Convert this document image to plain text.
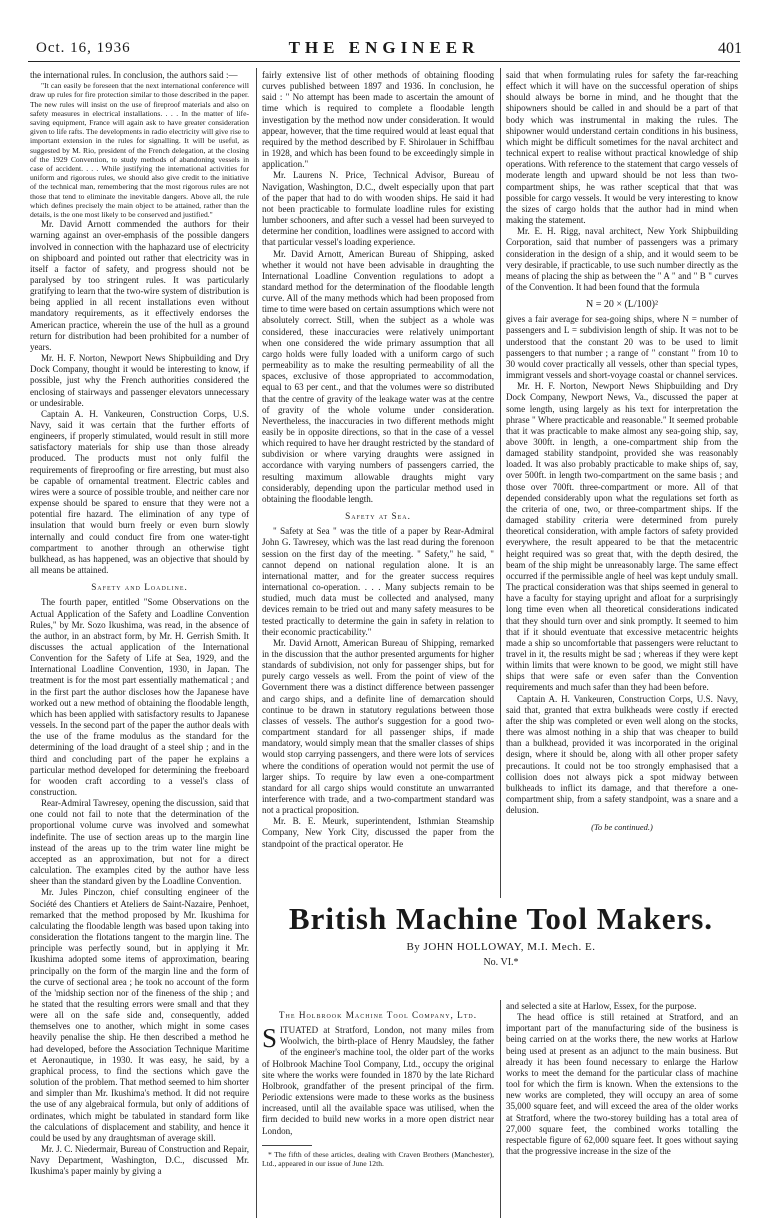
Oct. 16, 1936	THE ENGINEER	401

the international rules. In conclusion, the authors said :—

"It can easily be foreseen that the next international conference will draw up rules for fire protection similar to those described in the paper. The new rules will insist on the use of fireproof materials and also on safety measures in electrical installations. . . . In the matter of life-saving equipment, France will again ask to have greater consideration given to life rafts. The developments in radio electricity will give rise to important extension in the rules for signalling. It will be useful, as suggested by M. Rio, president of the French delegation, at the closing of the 1929 Convention, to study methods of abandoning vessels in case of accident. . . . While justifying the international activities for uniform and rigorous rules, we should also give credit to the initiative of the technical man, remembering that the most rigorous rules are not those that tend to eliminate the inevitable dangers. Above all, the rule which defines precisely the main object to be attained, rather than the details, is the one most likely to be conserved and justified."

Mr. David Arnott commended the authors for their warning against an over-emphasis of the possible dangers involved in connection with the haphazard use of electricity on shipboard and pointed out rather that electricity was in itself a factor of safety, and progress should not be paralysed by too stringent rules. It was particularly gratifying to learn that the two-wire system of distribution is being applied in all recent installations even without mandatory requirements, as it effectively endorses the American practice, wherein the use of the hull as a ground return for distribution had been prohibited for a number of years.

Mr. H. F. Norton, Newport News Shipbuilding and Dry Dock Company, thought it would be interesting to know, if possible, just why the French authorities considered the enclosing of stairways and passenger elevators unnecessary or undesirable.

Captain A. H. Vankeuren, Construction Corps, U.S. Navy, said it was certain that the further efforts of engineers, if properly stimulated, would result in still more satisfactory materials for ship use than those already produced. The products must not only fulfil the requirements of fireproofing or fire arresting, but must also be capable of ornamental treatment. Electric cables and wires were a source of possible trouble, and neither care nor expense should be spared to ensure that they were not a potential fire hazard. The elimination of any type of insulation that would burn freely or even burn slowly internally and could conduct fire from one water-tight compartment to another through an otherwise tight bulkhead, as has happened, was an objective that should by all means be attained.

Safety and Loadline.

The fourth paper, entitled "Some Observations on the Actual Application of the Safety and Loadline Convention Rules," by Mr. Sozo Ikushima, was read, in the absence of the author, in an abstract form, by Mr. H. Gerrish Smith. It discusses the actual application of the International Convention for the Safety of Life at Sea, 1929, and the International Loadline Convention, 1930, in Japan. The treatment is for the most part essentially mathematical ; and in the first part the author discloses how the Japanese have worked out a new method of obtaining the floodable length, which has been applied with satisfactory results to Japanese vessels. In the second part of the paper the author deals with the use of the frame modulus as the standard for the determining of the load draught of a steel ship ; and in the third and concluding part of the paper he explains a particular method developed for determining the freeboard for wooden craft according to a vessel's class of construction.

Rear-Admiral Tawresey, opening the discussion, said that one could not fail to note that the determination of the proportional volume curve was involved and somewhat indefinite. The use of section areas up to the margin line instead of the areas up to the trim water line might be accepted as an approximation, but not for a direct calculation. The examples cited by the author have less sheer than the standard given by the Loadline Convention.

Mr. Jules Pinczon, chief consulting engineer of the Société des Chantiers et Ateliers de Saint-Nazaire, Penhoet, remarked that the method proposed by Mr. Ikushima for calculating the floodable length was based upon taking into consideration the flotations tangent to the margin line. The principle was perfectly sound, but in applying it Mr. Ikushima adopted some items of approximation, bearing principally on the form of the margin line and the form of the curve of sectional area ; he took no account of the form of the 'midship section nor of the fineness of the ship ; and he stated that the resulting errors were small and that they were all on the safe side and, consequently, added themselves one to another, which might in some cases heavily penalise the ship. He then described a method he had developed, before the Association Technique Maritime et Aeronautique, in 1930. It was easy, he said, by a graphical process, to find the sections which gave the solution of the problem. That method seemed to him shorter and simpler than Mr. Ikushima's method. It did not require the use of any algebraical formula, but only of additions of ordinates, which might be tabulated in standard form like the calculations of displacement and stability, and hence it could be used by any draughtsman of average skill.

Mr. J. C. Niedermair, Bureau of Construction and Repair, Navy Department, Washington, D.C., discussed Mr. Ikushima's paper mainly by giving a

fairly extensive list of other methods of obtaining flooding curves published between 1897 and 1936. In conclusion, he said : " No attempt has been made to ascertain the amount of time which is required to complete a floodable length investigation by the method now under consideration. It would appear, however, that the time required would at least equal that required by the method described by F. Shirolauer in Schiffbau in 1928, and which has been found to be exceedingly simple in application."

Mr. Laurens N. Price, Technical Advisor, Bureau of Navigation, Washington, D.C., dwelt especially upon that part of the paper that had to do with wooden ships. He said it had not been practicable to formulate loadline rules for existing lumber schooners, and after such a vessel had been surveyed to determine her condition, loadlines were assigned to accord with that particular vessel's loading experience.

Mr. David Arnott, American Bureau of Shipping, asked whether it would not have been advisable in draughting the International Loadline Convention regulations to adopt a standard method for the determination of the floodable length curve. All of the many methods which had been proposed from time to time were based on certain assumptions which were not absolutely correct. Still, when the subject as a whole was considered, these inaccuracies were relatively unimportant when one considered the wide primary assumption that all cargo holds were fully loaded with a uniform cargo of such permeability as to make the resulting permeability of all the spaces, exclusive of those appropriated to accommodation, equal to 63 per cent., and that the volumes were so distributed that the centre of gravity of the leakage water was at the centre of gravity of the whole volume under consideration. Nevertheless, the inaccuracies in two different methods might easily be in opposite directions, so that in the case of a vessel which required to have her draught restricted by the standard of subdivision or where varying draughts were assigned in accordance with varying numbers of passengers carried, the resulting maximum allowable draughts might vary considerably, depending upon the particular method used in obtaining the floodable length.

Safety at Sea.

" Safety at Sea " was the title of a paper by Rear-Admiral John G. Tawresey, which was the last read during the forenoon session on the first day of the meeting. " Safety," he said, " cannot depend on national regulation alone. It is an international matter, and for the greater success requires international co-operation. . . . Many subjects remain to be studied, much data must be collected and analysed, many devices remain to be tried out and many safety measures to be tested practically to determine the gain in safety in relation to their economic practicability."

Mr. David Arnott, American Bureau of Shipping, remarked in the discussion that the author presented arguments for higher standards of subdivision, not only for passenger ships, but for purely cargo vessels as well. From the point of view of the Government there was a distinct difference between passenger and cargo ships, and a definite line of demarcation should continue to be drawn in statutory regulations between those classes of vessels. The author's suggestion for a good two-compartment standard for all passenger ships, if made mandatory, would simply mean that the smaller classes of ships would stop carrying passengers, and there were lots of services where the conditions of operation would not permit the use of larger ships. To require by law even a one-compartment standard for all cargo ships would constitute an unwarranted interference with trade, and a two-compartment standard was not a practical proposition.

Mr. B. E. Meurk, superintendent, Isthmian Steamship Company, New York City, discussed the paper from the standpoint of the practical operator. He

said that when formulating rules for safety the far-reaching effect which it will have on the successful operation of ships should always be borne in mind, and he thought that the shipowners should be called in and should be a part of that body which was instrumental in making the rules. The shipowner would understand certain conditions in his business, which might be difficult sometimes for the naval architect and technical expert to realise without practical knowledge of ship operations. With reference to the statement that cargo vessels of moderate length and upward should be not less than two-compartment ships, he was rather sceptical that that was possible for cargo vessels. It would be very interesting to know the sizes of cargo holds that the author had in mind when making the statement.

Mr. E. H. Rigg, naval architect, New York Shipbuilding Corporation, said that number of passengers was a primary consideration in the design of a ship, and it would seem to be very desirable, if practicable, to use such number directly as the means of placing the ship as between the " A " and " B " curves of the Convention. It had been found that the formula

N = 20 × (L/100)²

gives a fair average for sea-going ships, where N = number of passengers and L = subdivision length of ship. It was not to be understood that the constant 20 was to be used to limit passengers to that number ; a range of " constant " from 10 to 30 would cover practically all vessels, other than special types, immigrant vessels and short-voyage coastal or channel services.

Mr. H. F. Norton, Newport News Shipbuilding and Dry Dock Company, Newport News, Va., discussed the paper at some length, using largely as his text for interpretation the phrase " Where practicable and reasonable." It seemed probable that it was practicable to make almost any sea-going ship, say, above 300ft. in length, a one-compartment ship from the damaged stability standpoint, provided she was reasonably loaded. It was also probably practicable to make ships of, say, over 500ft. in length two-compartment on the same basis ; and those over 700ft. three-compartment or more. All of that depended considerably upon what the regulations set forth as the criteria of one, two, or three-compartment ships. If the damaged stability criteria were determined from purely theoretical consideration, with ample factors of safety provided everywhere, the result appeared to be that the metacentric height required was so great that, with the depth desired, the beam of the ship might be unreasonably large. The same effect occurred if the permissible angle of heel was kept unduly small. The practical consideration was that ships seemed in general to have a faculty for staying upright and afloat for a surprisingly long time even when all theoretical considerations indicated that they should turn over and sink promptly. It seemed to him that if it should eventuate that excessive metacentric heights made a ship so uncomfortable that passengers were reluctant to travel in it, the results might be sad ; whereas if they were kept within limits that were known to be good, we might still have ships that were safe or even safer than the Convention requirements and much safer than they had been before.

Captain A. H. Vankeuren, Construction Corps, U.S. Navy, said that, granted that extra bulkheads were costly if erected after the ship was completed or even well along on the stocks, there was almost nothing in a ship that was cheaper to build than a bulkhead, provided it was incorporated in the original design, where it should be, along with all other proper safety precautions. It could not be too strongly emphasised that a collision does not always pick a spot midway between bulkheads to inflict its damage, and that therefore a one-compartment ship, from a safety standpoint, was a snare and a delusion.

(To be continued.)
British Machine Tool Makers.
By JOHN HOLLOWAY, M.I. Mech. E.
No. VI.*
The Holbrook Machine Tool Company, Ltd.

SITUATED at Stratford, London, not many miles from Woolwich, the birth-place of Henry Maudsley, the father of the engineer's machine tool, the older part of the works of Holbrook Machine Tool Company, Ltd., occupy the original site where the works were founded in 1870 by the late Richard Holbrook, grandfather of the present principal of the firm. Periodic extensions were made to these works as the business increased, until all the available space was utilised, when the firm decided to build new works in a more open district near London,

* The fifth of these articles, dealing with Craven Brothers (Manchester), Ltd., appeared in our issue of June 12th.

and selected a site at Harlow, Essex, for the purpose.

The head office is still retained at Stratford, and an important part of the manufacturing side of the business is being carried on at the works there, the new works at Harlow being used at present as an adjunct to the main business. But already it has been found necessary to enlarge the Harlow works to meet the demand for the particular class of machine tool for which the firm is known. When the extensions to the new works are completed, they will occupy an area of some 35,000 square feet, and will exceed the area of the older works at Stratford, where the two-storey building has a total area of 27,000 square feet, the combined works totalling the respectable figure of 62,000 square feet. It goes without saying that the progressive increase in the size of the
